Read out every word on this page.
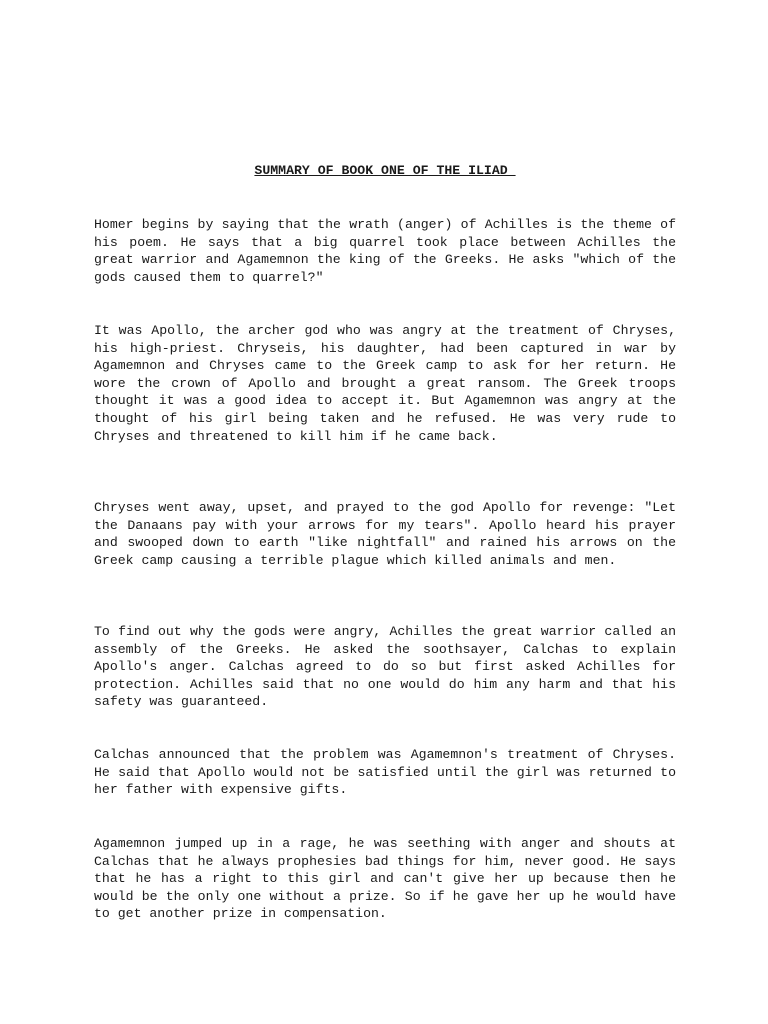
SUMMARY OF BOOK ONE OF THE ILIAD

Homer begins by saying that the wrath (anger) of Achilles is the theme of his poem. He says that a big quarrel took place between Achilles the great warrior and Agamemnon the king of the Greeks. He asks "which of the gods caused them to quarrel?"

It was Apollo, the archer god who was angry at the treatment of Chryses, his high-priest. Chryseis, his daughter, had been captured in war by Agamemnon and Chryses came to the Greek camp to ask for her return. He wore the crown of Apollo and brought a great ransom. The Greek troops thought it was a good idea to accept it. But Agamemnon was angry at the thought of his girl being taken and he refused. He was very rude to Chryses and threatened to kill him if he came back.

Chryses went away, upset, and prayed to the god Apollo for revenge: "Let the Danaans pay with your arrows for my tears". Apollo heard his prayer and swooped down to earth "like nightfall" and rained his arrows on the Greek camp causing a terrible plague which killed animals and men.

To find out why the gods were angry, Achilles the great warrior called an assembly of the Greeks. He asked the soothsayer, Calchas to explain Apollo's anger. Calchas agreed to do so but first asked Achilles for protection. Achilles said that no one would do him any harm and that his safety was guaranteed.

Calchas announced that the problem was Agamemnon's treatment of Chryses. He said that Apollo would not be satisfied until the girl was returned to her father with expensive gifts.

Agamemnon jumped up in a rage, he was seething with anger and shouts at Calchas that he always prophesies bad things for him, never good. He says that he has a right to this girl and can't give her up because then he would be the only one without a prize. So if he gave her up he would have to get another prize in compensation.
